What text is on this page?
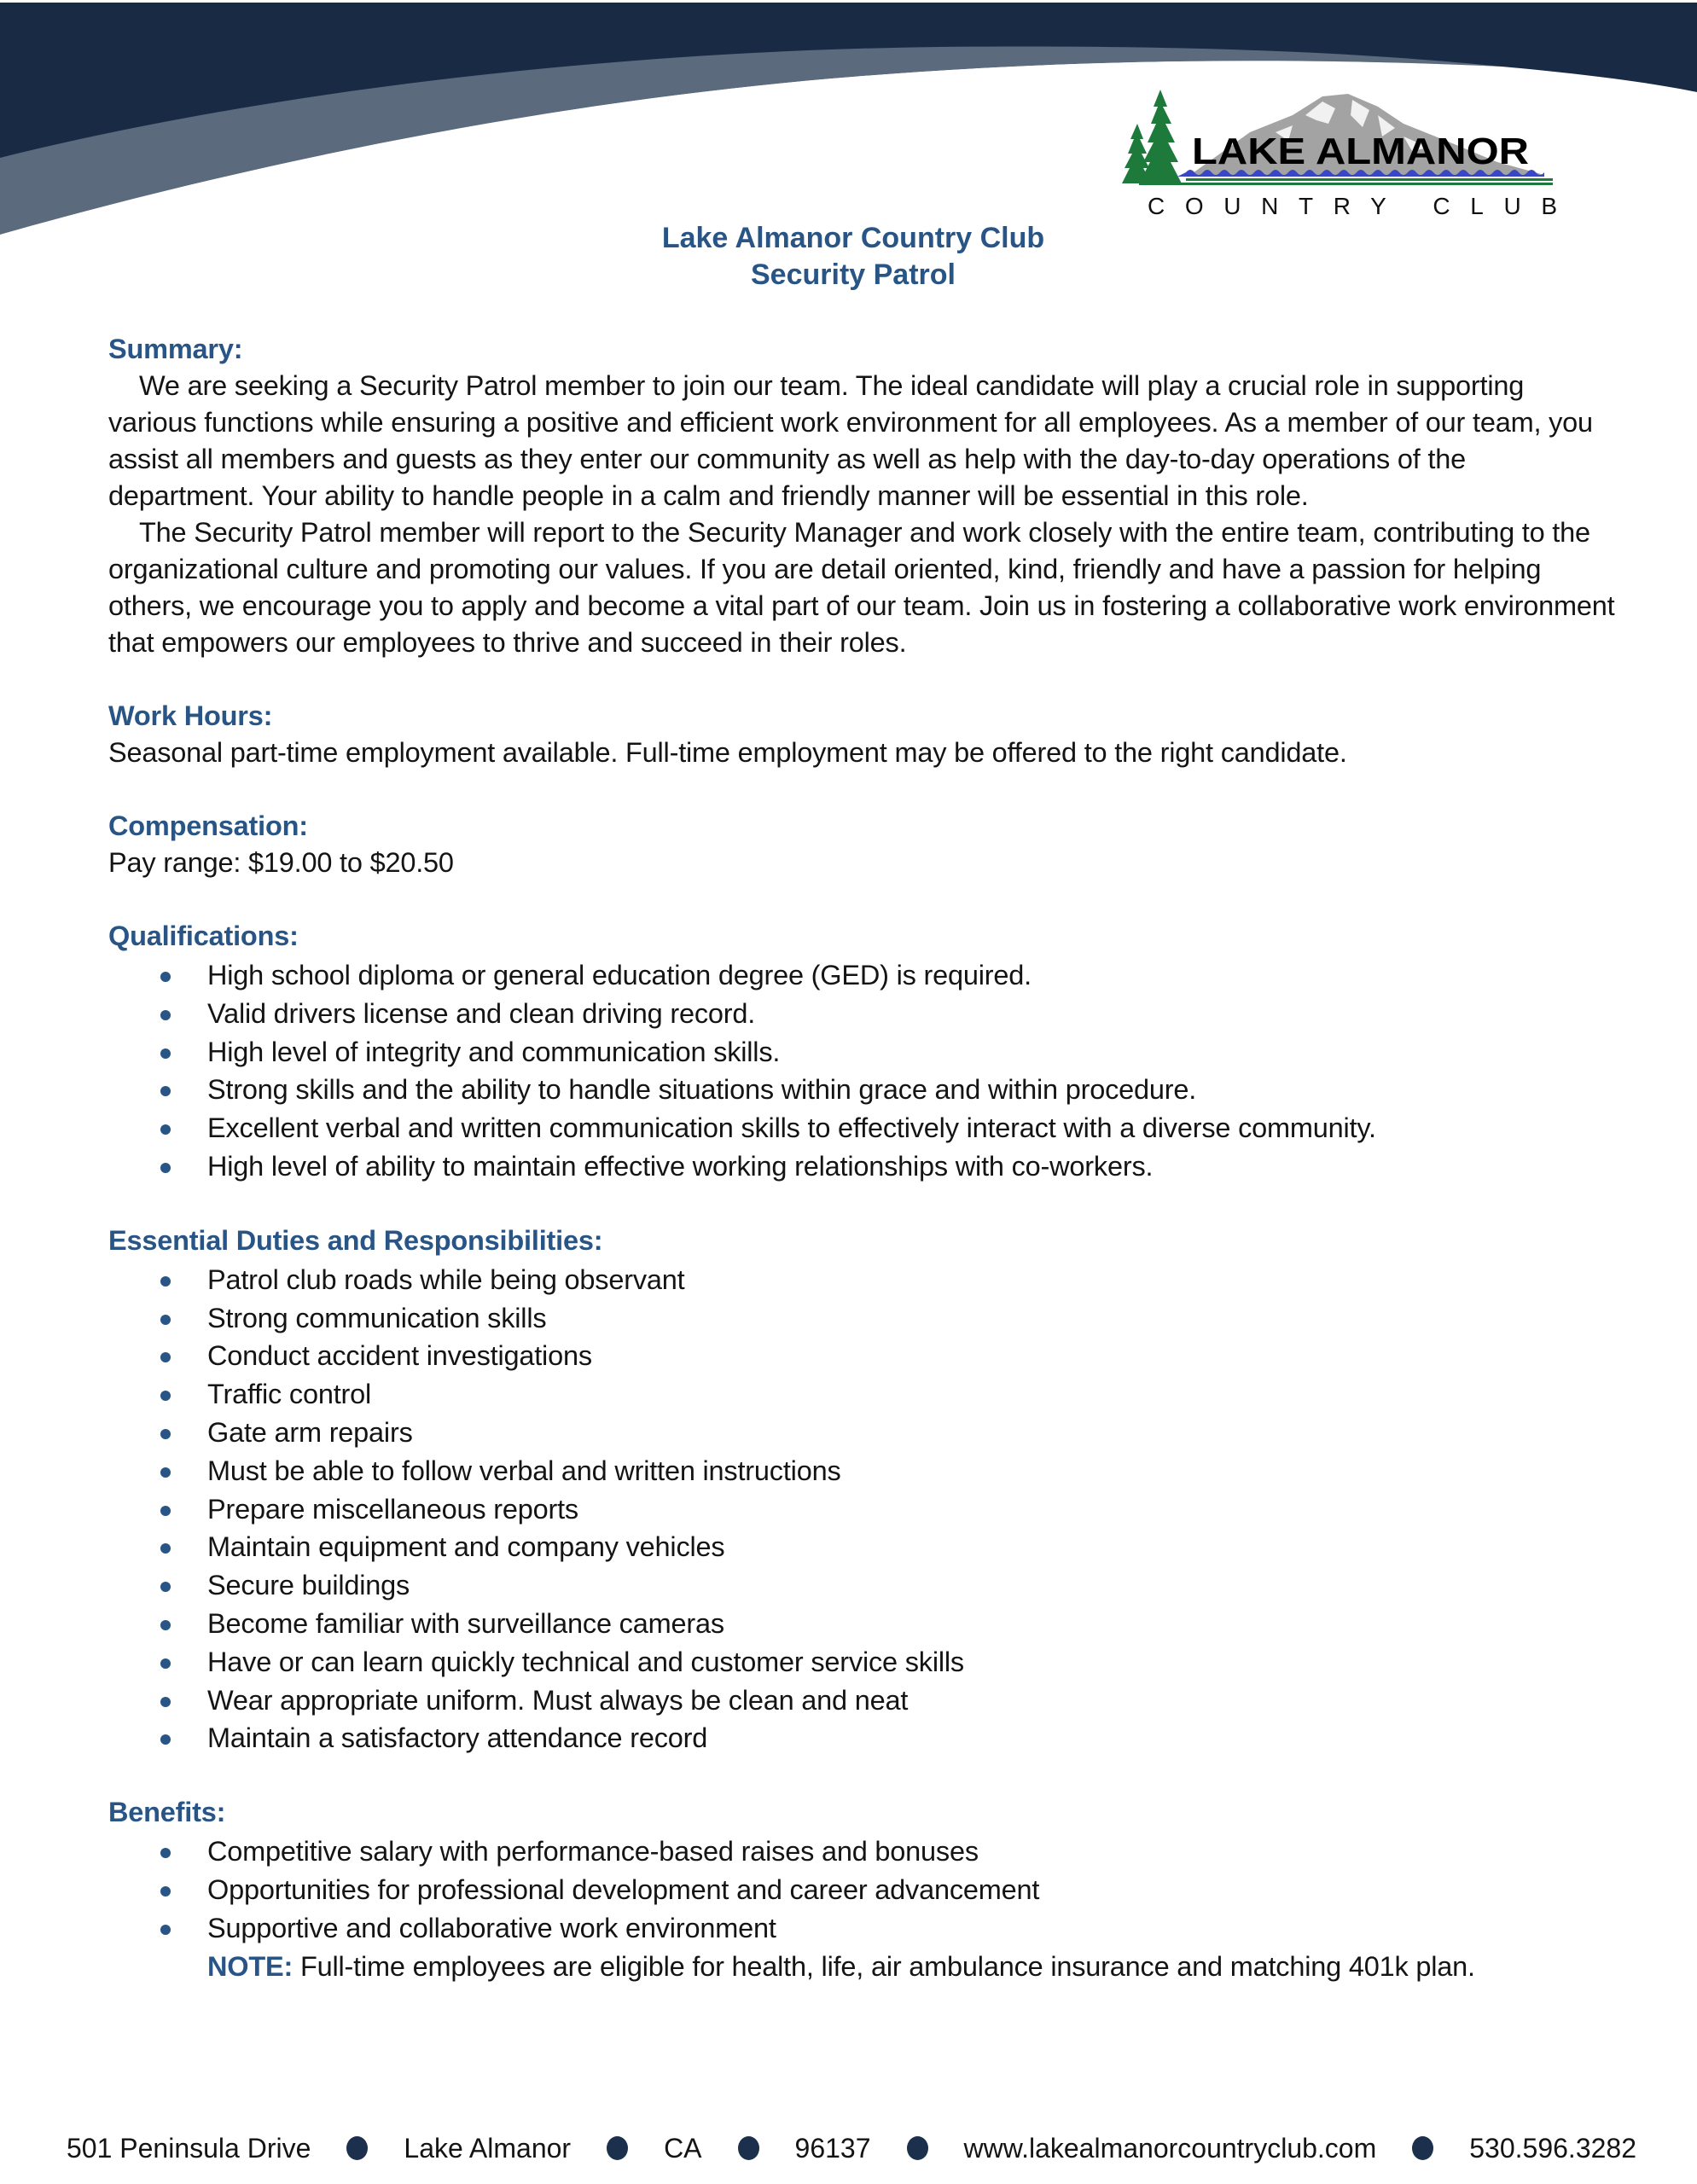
LAKE ALMANOR
COUNTRY CLUB
Lake Almanor Country Club
Security Patrol
Summary:

We are seeking a Security Patrol member to join our team. The ideal candidate will play a crucial role in supporting various functions while ensuring a positive and efficient work environment for all employees. As a member of our team, you assist all members and guests as they enter our community as well as help with the day-to-day operations of the department. Your ability to handle people in a calm and friendly manner will be essential in this role.

The Security Patrol member will report to the Security Manager and work closely with the entire team, contributing to the organizational culture and promoting our values. If you are detail oriented, kind, friendly and have a passion for helping others, we encourage you to apply and become a vital part of our team. Join us in fostering a collaborative work environment that empowers our employees to thrive and succeed in their roles.

Work Hours:

Seasonal part-time employment available. Full-time employment may be offered to the right candidate.

Compensation:

Pay range: $19.00 to $20.50

Qualifications:
High school diploma or general education degree (GED) is required.
Valid drivers license and clean driving record.
High level of integrity and communication skills.
Strong skills and the ability to handle situations within grace and within procedure.
Excellent verbal and written communication skills to effectively interact with a diverse community.
High level of ability to maintain effective working relationships with co-workers.
Essential Duties and Responsibilities:
Patrol club roads while being observant
Strong communication skills
Conduct accident investigations
Traffic control
Gate arm repairs
Must be able to follow verbal and written instructions
Prepare miscellaneous reports
Maintain equipment and company vehicles
Secure buildings
Become familiar with surveillance cameras
Have or can learn quickly technical and customer service skills
Wear appropriate uniform. Must always be clean and neat
Maintain a satisfactory attendance record
Benefits:
Competitive salary with performance-based raises and bonuses
Opportunities for professional development and career advancement
Supportive and collaborative work environment
NOTE: Full-time employees are eligible for health, life, air ambulance insurance and matching 401k plan.
501 Peninsula Drive	Lake Almanor	CA	96137	www.lakealmanorcountryclub.com	530.596.3282
